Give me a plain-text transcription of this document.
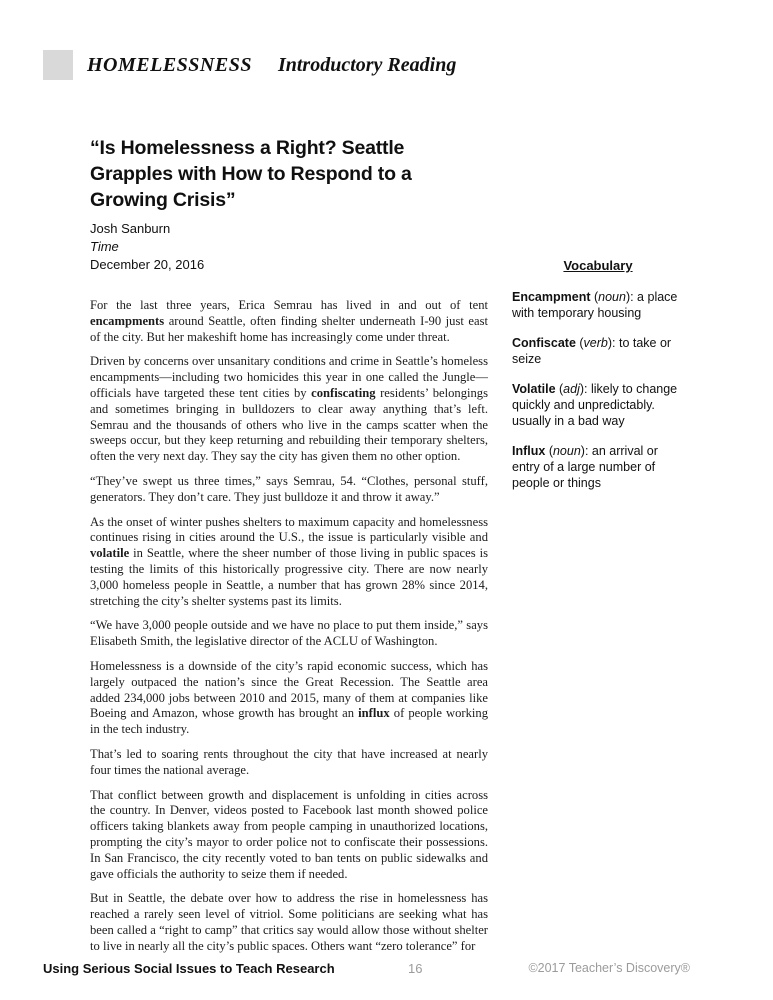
HOMELESSNESS Introductory Reading
“Is Homelessness a Right? Seattle Grapples with How to Respond to a Growing Crisis”
Josh Sanburn
Time
December 20, 2016

For the last three years, Erica Semrau has lived in and out of tent encampments around Seattle, often finding shelter underneath I-90 just east of the city. But her makeshift home has increasingly come under threat.

Driven by concerns over unsanitary conditions and crime in Seattle’s homeless encampments—including two homicides this year in one called the Jungle—officials have targeted these tent cities by confiscating residents’ belongings and sometimes bringing in bulldozers to clear away anything that’s left. Semrau and the thousands of others who live in the camps scatter when the sweeps occur, but they keep returning and rebuilding their temporary shelters, often the very next day. They say the city has given them no other option.

“They’ve swept us three times,” says Semrau, 54. “Clothes, personal stuff, generators. They don’t care. They just bulldoze it and throw it away.”

As the onset of winter pushes shelters to maximum capacity and homelessness continues rising in cities around the U.S., the issue is particularly visible and volatile in Seattle, where the sheer number of those living in public spaces is testing the limits of this historically progressive city. There are now nearly 3,000 homeless people in Seattle, a number that has grown 28% since 2014, stretching the city’s shelter systems past its limits.

“We have 3,000 people outside and we have no place to put them inside,” says Elisabeth Smith, the legislative director of the ACLU of Washington.

Homelessness is a downside of the city’s rapid economic success, which has largely outpaced the nation’s since the Great Recession. The Seattle area added 234,000 jobs between 2010 and 2015, many of them at companies like Boeing and Amazon, whose growth has brought an influx of people working in the tech industry.

That’s led to soaring rents throughout the city that have increased at nearly four times the national average.

That conflict between growth and displacement is unfolding in cities across the country. In Denver, videos posted to Facebook last month showed police officers taking blankets away from people camping in unauthorized locations, prompting the city’s mayor to order police not to confiscate their possessions. In San Francisco, the city recently voted to ban tents on public sidewalks and gave officials the authority to seize them if needed.

But in Seattle, the debate over how to address the rise in homelessness has reached a rarely seen level of vitriol. Some politicians are seeking what has been called a “right to camp” that critics say would allow those without shelter to live in nearly all the city’s public spaces. Others want “zero tolerance” for

Vocabulary
Encampment (noun): a place with temporary housing
Confiscate (verb): to take or seize
Volatile (adj): likely to change quickly and unpredictably. usually in a bad way
Influx (noun): an arrival or entry of a large number of people or things
Using Serious Social Issues to Teach Research	16	©2017 Teacher’s Discovery®
